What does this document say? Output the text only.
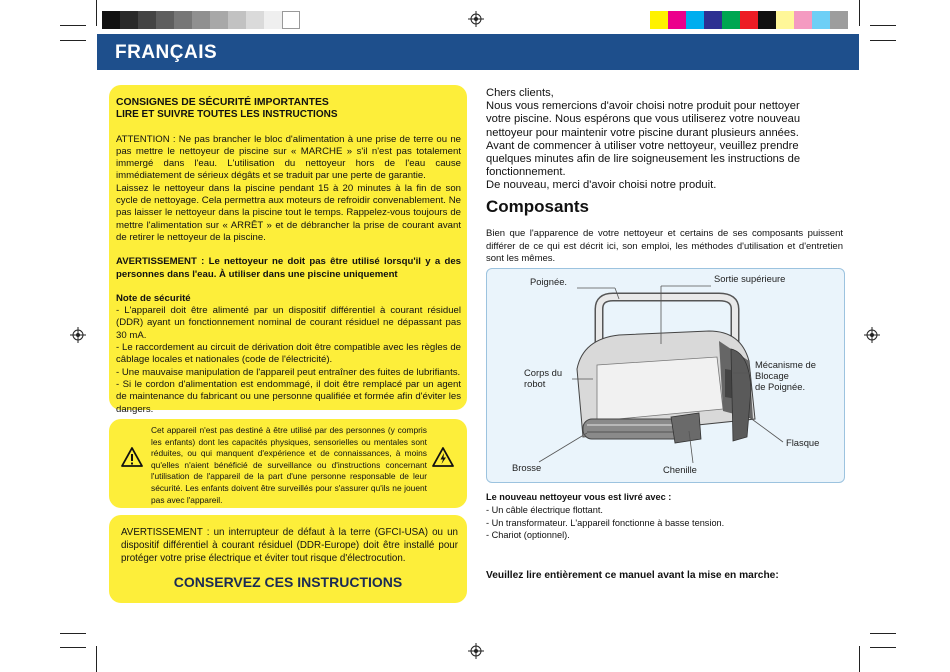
FRANÇAIS

CONSIGNES DE SÉCURITÉ IMPORTANTES

LIRE ET SUIVRE TOUTES LES INSTRUCTIONS

ATTENTION : Ne pas brancher le bloc d'alimentation à une prise de terre ou ne pas mettre le nettoyeur de piscine sur « MARCHE » s'il n'est pas totalement immergé dans l'eau. L'utilisation du nettoyeur hors de l'eau cause immédiatement de sérieux dégâts et se traduit par une perte de garantie.

Laissez le nettoyeur dans la piscine pendant 15 à 20 minutes à la fin de son cycle de nettoyage. Cela permettra aux moteurs de refroidir convenablement. Ne pas laisser le nettoyeur dans la piscine tout le temps. Rappelez-vous toujours de mettre l'alimentation sur « ARRÊT » et de débrancher la prise de courant avant de retirer le nettoyeur de la piscine.

AVERTISSEMENT : Le nettoyeur ne doit pas être utilisé lorsqu'il y a des personnes dans l'eau. À utiliser dans une piscine uniquement

Note de sécurité

- L'appareil doit être alimenté par un dispositif différentiel à courant résiduel (DDR) ayant un fonctionnement nominal de courant résiduel ne dépassant pas 30 mA.

- Le raccordement au circuit de dérivation doit être compatible avec les règles de câblage locales et nationales (code de l'électricité).

- Une mauvaise manipulation de l'appareil peut entraîner des fuites de lubrifiants.

- Si le cordon d'alimentation est endommagé, il doit être remplacé par un agent de maintenance du fabricant ou une personne qualifiée et formée afin d'éviter les dangers.

Cet appareil n'est pas destiné à être utilisé par des personnes (y compris les enfants) dont les capacités physiques, sensorielles ou mentales sont réduites, ou qui manquent d'expérience et de connaissances, à moins qu'elles n'aient bénéficié de surveillance ou d'instructions concernant l'utilisation de l'appareil de la part d'une personne responsable de leur sécurité. Les enfants doivent être surveillés pour s'assurer qu'ils ne jouent pas avec l'appareil.
AVERTISSEMENT : un interrupteur de défaut à la terre (GFCI-USA) ou un dispositif différentiel à courant résiduel (DDR-Europe) doit être installé pour protéger votre prise électrique et éviter tout risque d'électrocution.
CONSERVEZ CES INSTRUCTIONS

Chers clients,

Nous vous remercions d'avoir choisi notre produit pour nettoyer

votre piscine. Nous espérons que vous utiliserez votre nouveau

nettoyeur pour maintenir votre piscine durant plusieurs années.

Avant de commencer à utiliser votre nettoyeur, veuillez prendre

quelques minutes afin de lire soigneusement les instructions de

fonctionnement.

De nouveau, merci d'avoir choisi notre produit.

Composants
Bien que l'apparence de votre nettoyeur et certains de ses composants puissent différer de ce qui est décrit ici, son emploi, les méthodes d'utilisation et d'entretien sont les mêmes.
Poignée.	Sortie supérieure
Corps du
robot
Mécanisme de
Blocage
de Poignée.
Flasque
Brosse	Chenille

Le nouveau nettoyeur vous est livré avec :

- Un câble électrique flottant.

- Un transformateur. L'appareil fonctionne à basse tension.

- Chariot (optionnel).

Veuillez lire entièrement ce manuel avant la mise en marche:
